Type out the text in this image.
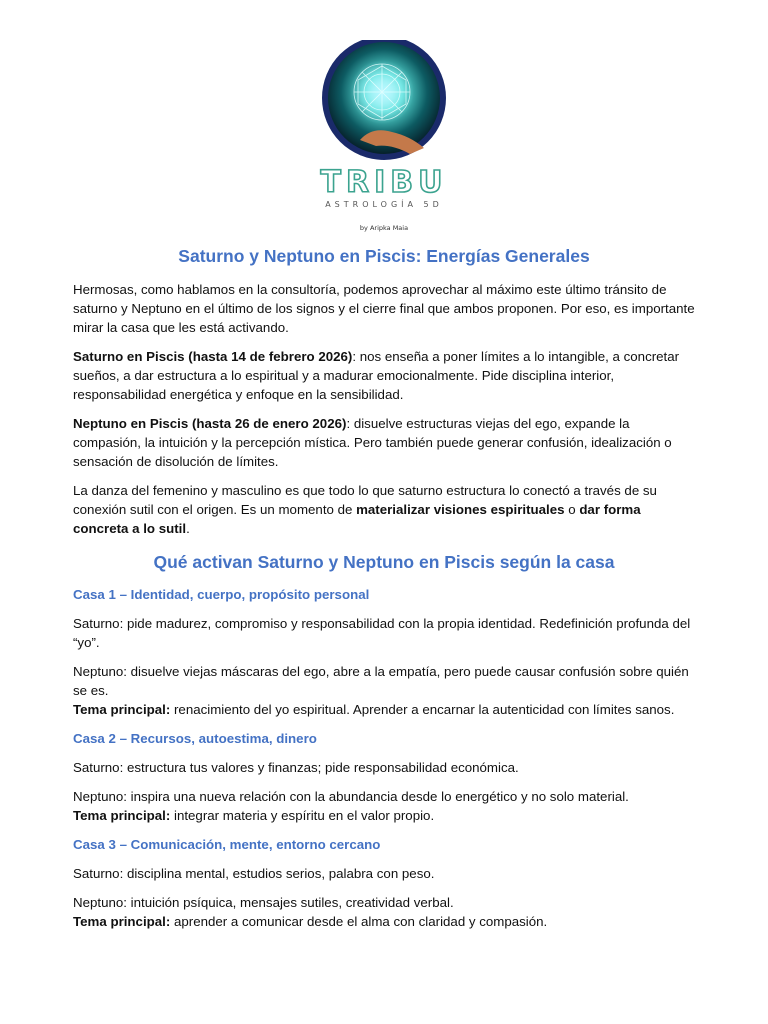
TRIBU
ASTROLOGÍA 5D
by Aripka Maia
Saturno y Neptuno en Piscis: Energías Generales

Hermosas, como hablamos en la consultoría, podemos aprovechar al máximo este último tránsito de saturno y Neptuno en el último de los signos y el cierre final que ambos proponen. Por eso, es importante mirar la casa que les está activando.

Saturno en Piscis (hasta 14 de febrero 2026): nos enseña a poner límites a lo intangible, a concretar sueños, a dar estructura a lo espiritual y a madurar emocionalmente. Pide disciplina interior, responsabilidad energética y enfoque en la sensibilidad.

Neptuno en Piscis (hasta 26 de enero 2026): disuelve estructuras viejas del ego, expande la compasión, la intuición y la percepción mística. Pero también puede generar confusión, idealización o sensación de disolución de límites.

La danza del femenino y masculino es que todo lo que saturno estructura lo conectó a través de su conexión sutil con el origen. Es un momento de materializar visiones espirituales o dar forma concreta a lo sutil.

Qué activan Saturno y Neptuno en Piscis según la casa
Casa 1 – Identidad, cuerpo, propósito personal

Saturno: pide madurez, compromiso y responsabilidad con la propia identidad. Redefinición profunda del “yo”.

Neptuno: disuelve viejas máscaras del ego, abre a la empatía, pero puede causar confusión sobre quién se es.

Tema principal: renacimiento del yo espiritual. Aprender a encarnar la autenticidad con límites sanos.

Casa 2 – Recursos, autoestima, dinero

Saturno: estructura tus valores y finanzas; pide responsabilidad económica.

Neptuno: inspira una nueva relación con la abundancia desde lo energético y no solo material.

Tema principal: integrar materia y espíritu en el valor propio.

Casa 3 – Comunicación, mente, entorno cercano

Saturno: disciplina mental, estudios serios, palabra con peso.

Neptuno: intuición psíquica, mensajes sutiles, creatividad verbal.

Tema principal: aprender a comunicar desde el alma con claridad y compasión.
